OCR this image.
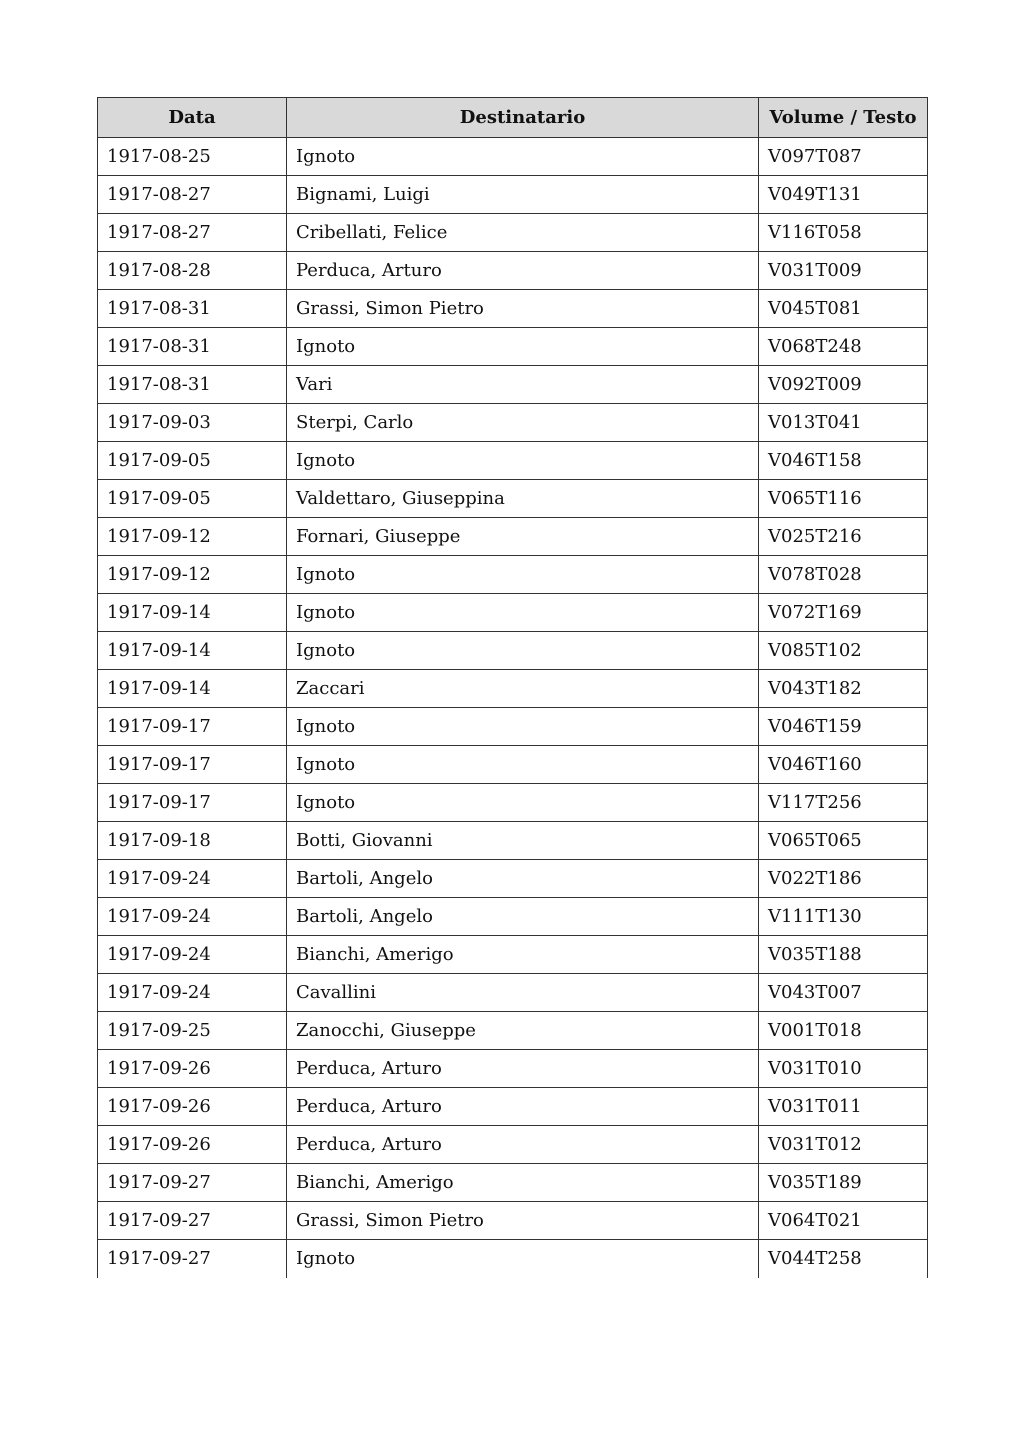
Data	Destinatario	Volume / Testo
1917-08-25	Ignoto	V097T087
1917-08-27	Bignami, Luigi	V049T131
1917-08-27	Cribellati, Felice	V116T058
1917-08-28	Perduca, Arturo	V031T009
1917-08-31	Grassi, Simon Pietro	V045T081
1917-08-31	Ignoto	V068T248
1917-08-31	Vari	V092T009
1917-09-03	Sterpi, Carlo	V013T041
1917-09-05	Ignoto	V046T158
1917-09-05	Valdettaro, Giuseppina	V065T116
1917-09-12	Fornari, Giuseppe	V025T216
1917-09-12	Ignoto	V078T028
1917-09-14	Ignoto	V072T169
1917-09-14	Ignoto	V085T102
1917-09-14	Zaccari	V043T182
1917-09-17	Ignoto	V046T159
1917-09-17	Ignoto	V046T160
1917-09-17	Ignoto	V117T256
1917-09-18	Botti, Giovanni	V065T065
1917-09-24	Bartoli, Angelo	V022T186
1917-09-24	Bartoli, Angelo	V111T130
1917-09-24	Bianchi, Amerigo	V035T188
1917-09-24	Cavallini	V043T007
1917-09-25	Zanocchi, Giuseppe	V001T018
1917-09-26	Perduca, Arturo	V031T010
1917-09-26	Perduca, Arturo	V031T011
1917-09-26	Perduca, Arturo	V031T012
1917-09-27	Bianchi, Amerigo	V035T189
1917-09-27	Grassi, Simon Pietro	V064T021
1917-09-27	Ignoto	V044T258
